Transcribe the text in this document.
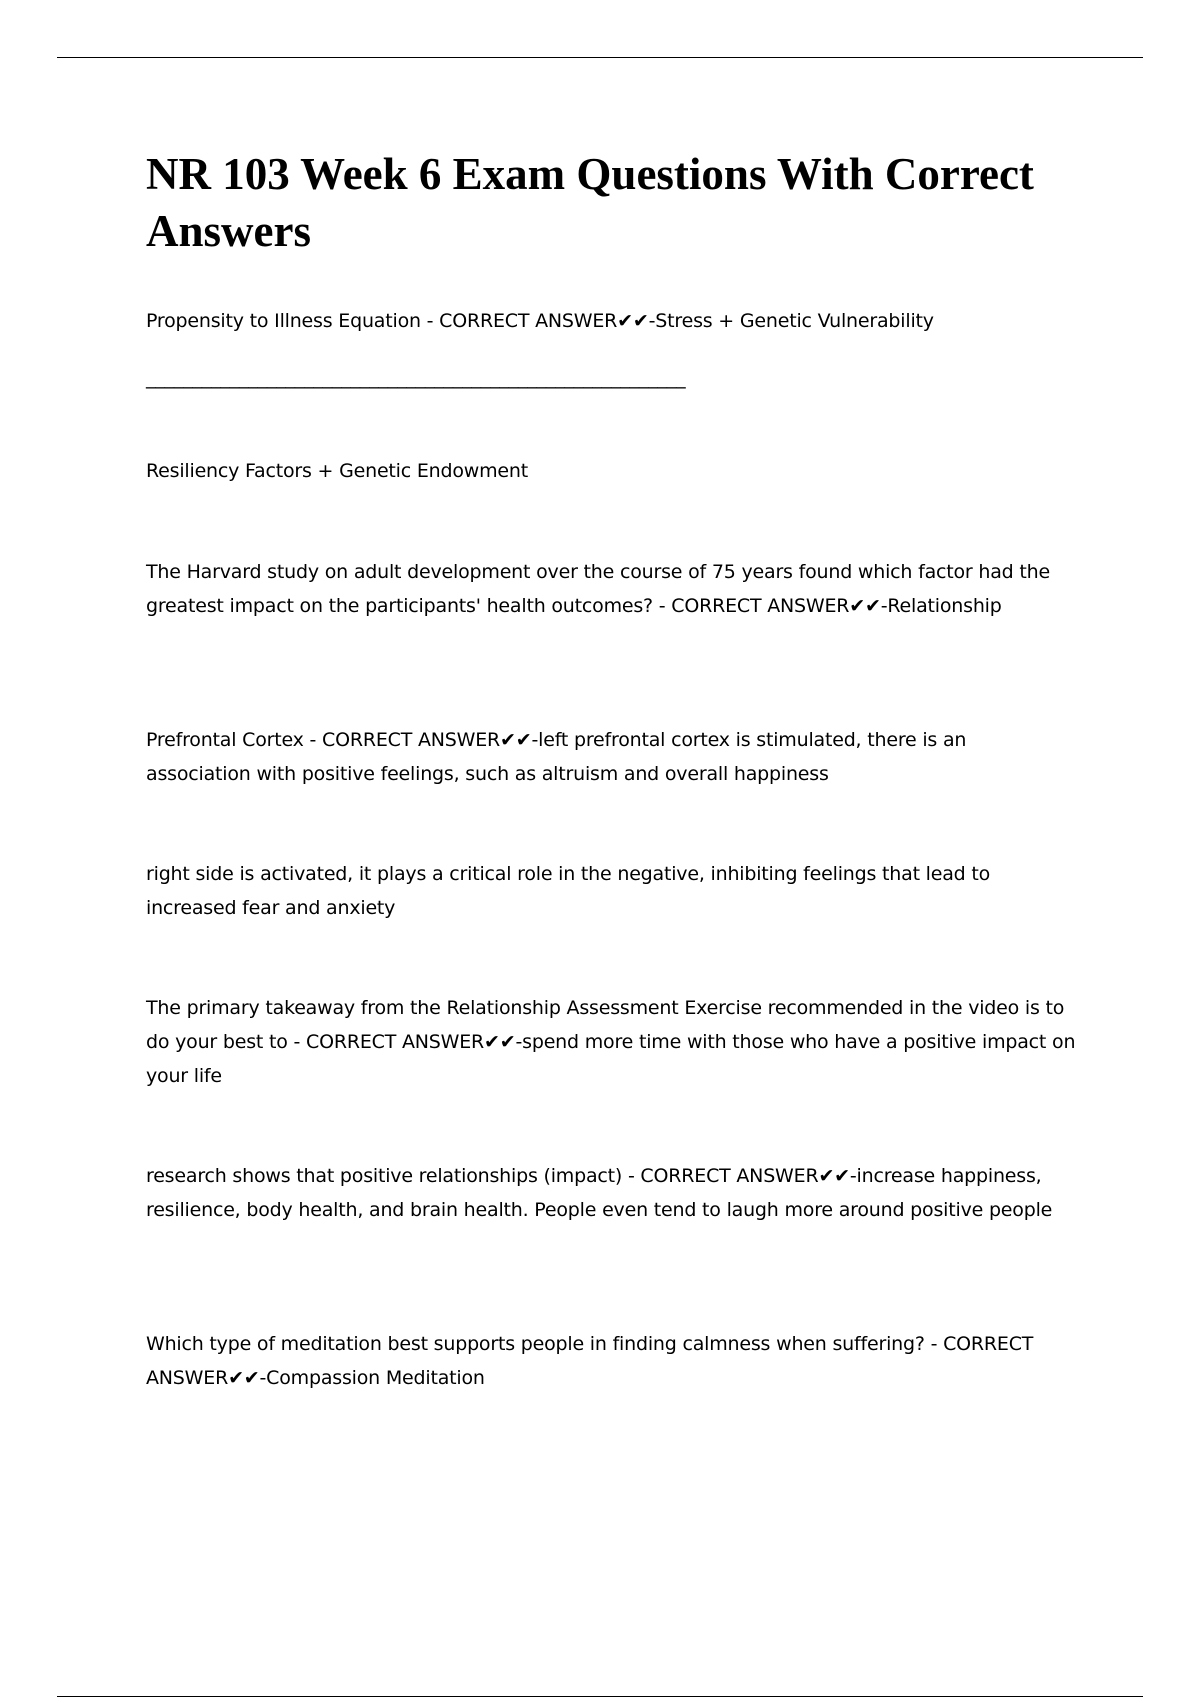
NR 103 Week 6 Exam Questions With Correct Answers

Propensity to Illness Equation - CORRECT ANSWER✔✔-Stress + Genetic Vulnerability

__________________________________________________________

Resiliency Factors + Genetic Endowment

The Harvard study on adult development over the course of 75 years found which factor had the greatest impact on the participants' health outcomes? - CORRECT ANSWER✔✔-Relationship

Prefrontal Cortex - CORRECT ANSWER✔✔-left prefrontal cortex is stimulated, there is an association with positive feelings, such as altruism and overall happiness

right side is activated, it plays a critical role in the negative, inhibiting feelings that lead to increased fear and anxiety

The primary takeaway from the Relationship Assessment Exercise recommended in the video is to do your best to - CORRECT ANSWER✔✔-spend more time with those who have a positive impact on your life

research shows that positive relationships (impact) - CORRECT ANSWER✔✔-increase happiness, resilience, body health, and brain health. People even tend to laugh more around positive people

Which type of meditation best supports people in finding calmness when suffering? - CORRECT ANSWER✔✔-Compassion Meditation
